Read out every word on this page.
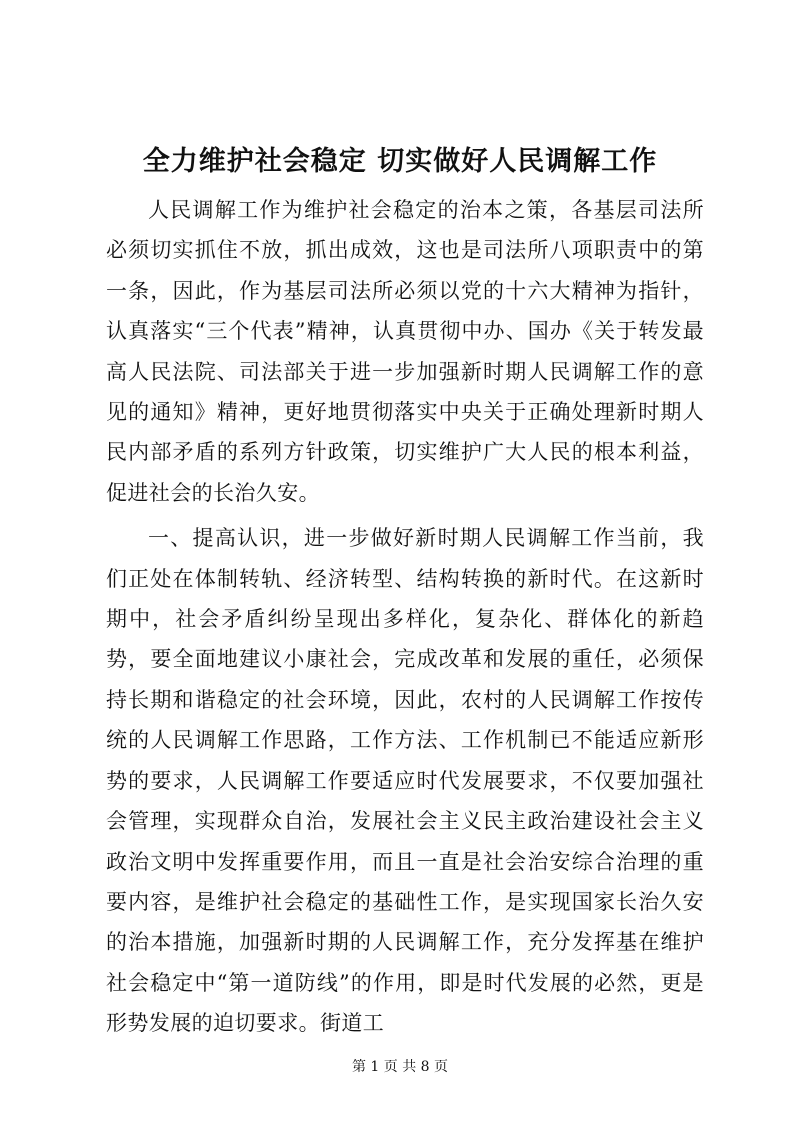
全力维护社会稳定 切实做好人民调解工作

人民调解工作为维护社会稳定的治本之策，各基层司法所必须切实抓住不放，抓出成效，这也是司法所八项职责中的第一条，因此，作为基层司法所必须以党的十六大精神为指针，认真落实“三个代表”精神，认真贯彻中办、国办《关于转发最高人民法院、司法部关于进一步加强新时期人民调解工作的意见的通知》精神，更好地贯彻落实中央关于正确处理新时期人民内部矛盾的系列方针政策，切实维护广大人民的根本利益，促进社会的长治久安。

一、提高认识，进一步做好新时期人民调解工作当前，我们正处在体制转轨、经济转型、结构转换的新时代。在这新时期中，社会矛盾纠纷呈现出多样化，复杂化、群体化的新趋势，要全面地建议小康社会，完成改革和发展的重任，必须保持长期和谐稳定的社会环境，因此，农村的人民调解工作按传统的人民调解工作思路，工作方法、工作机制已不能适应新形势的要求，人民调解工作要适应时代发展要求，不仅要加强社会管理，实现群众自治，发展社会主义民主政治建设社会主义政治文明中发挥重要作用，而且一直是社会治安综合治理的重要内容，是维护社会稳定的基础性工作，是实现国家长治久安的治本措施，加强新时期的人民调解工作，充分发挥基在维护社会稳定中“第一道防线”的作用，即是时代发展的必然，更是形势发展的迫切要求。街道工

第 1 页 共 8 页
